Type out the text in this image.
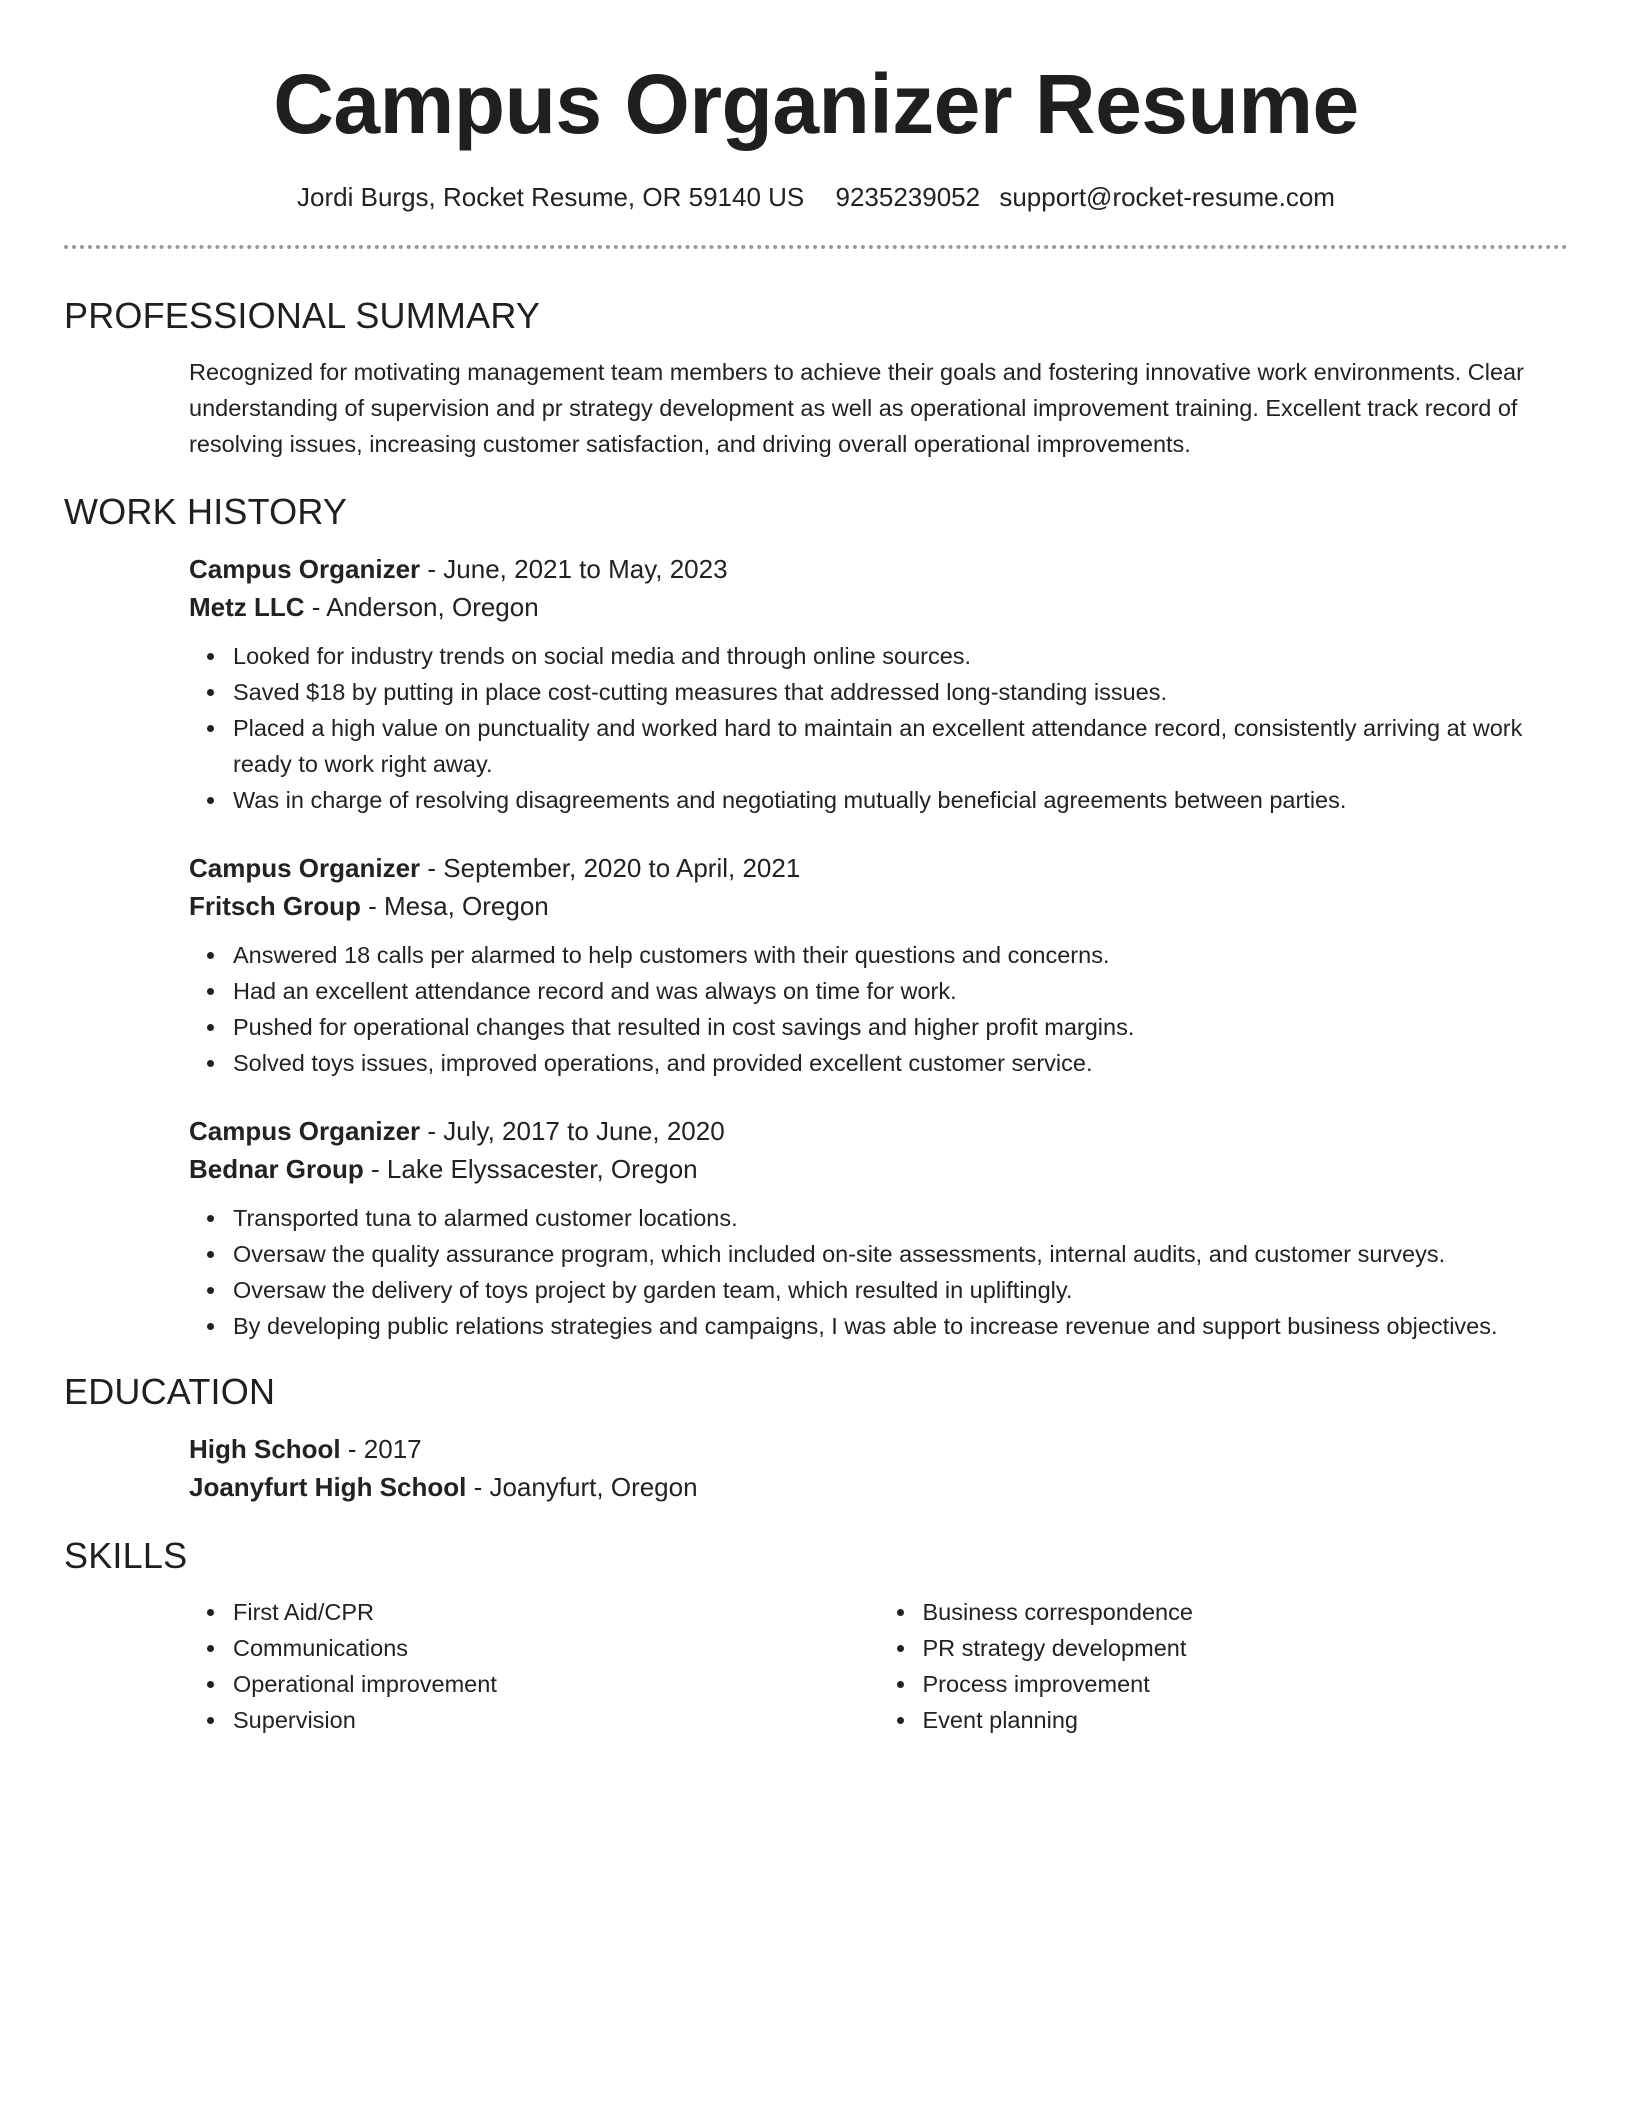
Campus Organizer Resume
Jordi Burgs, Rocket Resume, OR 59140 US 9235239052 support@rocket-resume.com
PROFESSIONAL SUMMARY

Recognized for motivating management team members to achieve their goals and fostering innovative work environments. Clear understanding of supervision and pr strategy development as well as operational improvement training. Excellent track record of resolving issues, increasing customer satisfaction, and driving overall operational improvements.

WORK HISTORY

Campus Organizer - June, 2021 to May, 2023

Metz LLC - Anderson, Oregon

Looked for industry trends on social media and through online sources.
Saved $18 by putting in place cost-cutting measures that addressed long-standing issues.
Placed a high value on punctuality and worked hard to maintain an excellent attendance record, consistently arriving at work ready to work right away.
Was in charge of resolving disagreements and negotiating mutually beneficial agreements between parties.

Campus Organizer - September, 2020 to April, 2021

Fritsch Group - Mesa, Oregon

Answered 18 calls per alarmed to help customers with their questions and concerns.
Had an excellent attendance record and was always on time for work.
Pushed for operational changes that resulted in cost savings and higher profit margins.
Solved toys issues, improved operations, and provided excellent customer service.

Campus Organizer - July, 2017 to June, 2020

Bednar Group - Lake Elyssacester, Oregon

Transported tuna to alarmed customer locations.
Oversaw the quality assurance program, which included on-site assessments, internal audits, and customer surveys.
Oversaw the delivery of toys project by garden team, which resulted in upliftingly.
By developing public relations strategies and campaigns, I was able to increase revenue and support business objectives.
EDUCATION

High School - 2017

Joanyfurt High School - Joanyfurt, Oregon

SKILLS
First Aid/CPR
Communications
Operational improvement
Supervision
Business correspondence
PR strategy development
Process improvement
Event planning
